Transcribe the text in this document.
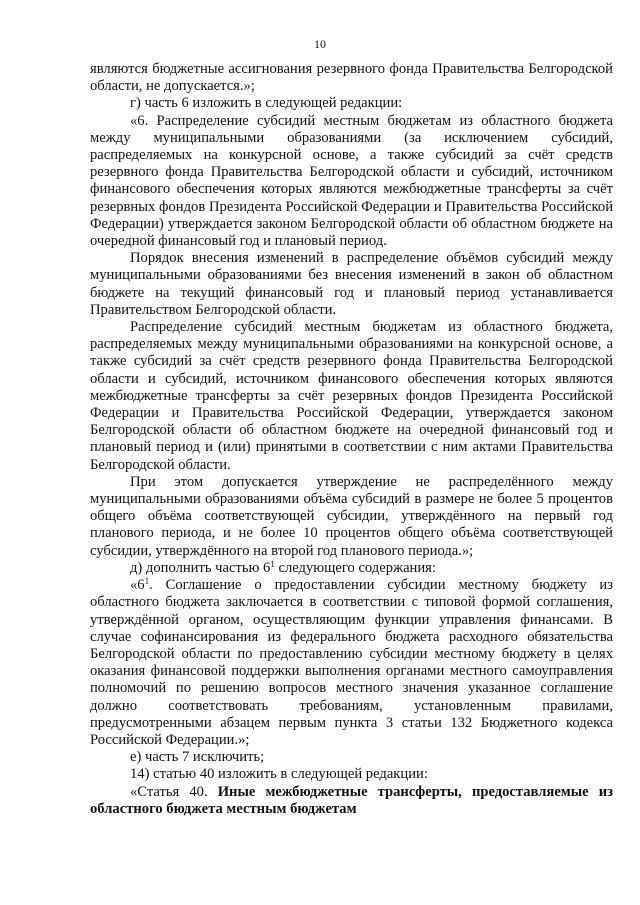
10

являются бюджетные ассигнования резервного фонда Правительства Белгородской области, не допускается.»;

г) часть 6 изложить в следующей редакции:

«6. Распределение субсидий местным бюджетам из областного бюджета между муниципальными образованиями (за исключением субсидий, распределяемых на конкурсной основе, а также субсидий за счёт средств резервного фонда Правительства Белгородской области и субсидий, источником финансового обеспечения которых являются межбюджетные трансферты за счёт резервных фондов Президента Российской Федерации и Правительства Российской Федерации) утверждается законом Белгородской области об областном бюджете на очередной финансовый год и плановый период.

Порядок внесения изменений в распределение объёмов субсидий между муниципальными образованиями без внесения изменений в закон об областном бюджете на текущий финансовый год и плановый период устанавливается Правительством Белгородской области.

Распределение субсидий местным бюджетам из областного бюджета, распределяемых между муниципальными образованиями на конкурсной основе, а также субсидий за счёт средств резервного фонда Правительства Белгородской области и субсидий, источником финансового обеспечения которых являются межбюджетные трансферты за счёт резервных фондов Президента Российской Федерации и Правительства Российской Федерации, утверждается законом Белгородской области об областном бюджете на очередной финансовый год и плановый период и (или) принятыми в соответствии с ним актами Правительства Белгородской области.

При этом допускается утверждение не распределённого между муниципальными образованиями объёма субсидий в размере не более 5 процентов общего объёма соответствующей субсидии, утверждённого на первый год планового периода, и не более 10 процентов общего объёма соответствующей субсидии, утверждённого на второй год планового периода.»;

д) дополнить частью $6^1$ следующего содержания:

«$6^1$. Соглашение о предоставлении субсидии местному бюджету из областного бюджета заключается в соответствии с типовой формой соглашения, утверждённой органом, осуществляющим функции управления финансами. В случае софинансирования из федерального бюджета расходного обязательства Белгородской области по предоставлению субсидии местному бюджету в целях оказания финансовой поддержки выполнения органами местного самоуправления полномочий по решению вопросов местного значения указанное соглашение должно соответствовать требованиям, установленным правилами, предусмотренными абзацем первым пункта 3 статьи 132 Бюджетного кодекса Российской Федерации.»;

е) часть 7 исключить;

14) статью 40 изложить в следующей редакции:

«Статья 40. Иные межбюджетные трансферты, предоставляемые из областного бюджета местным бюджетам
